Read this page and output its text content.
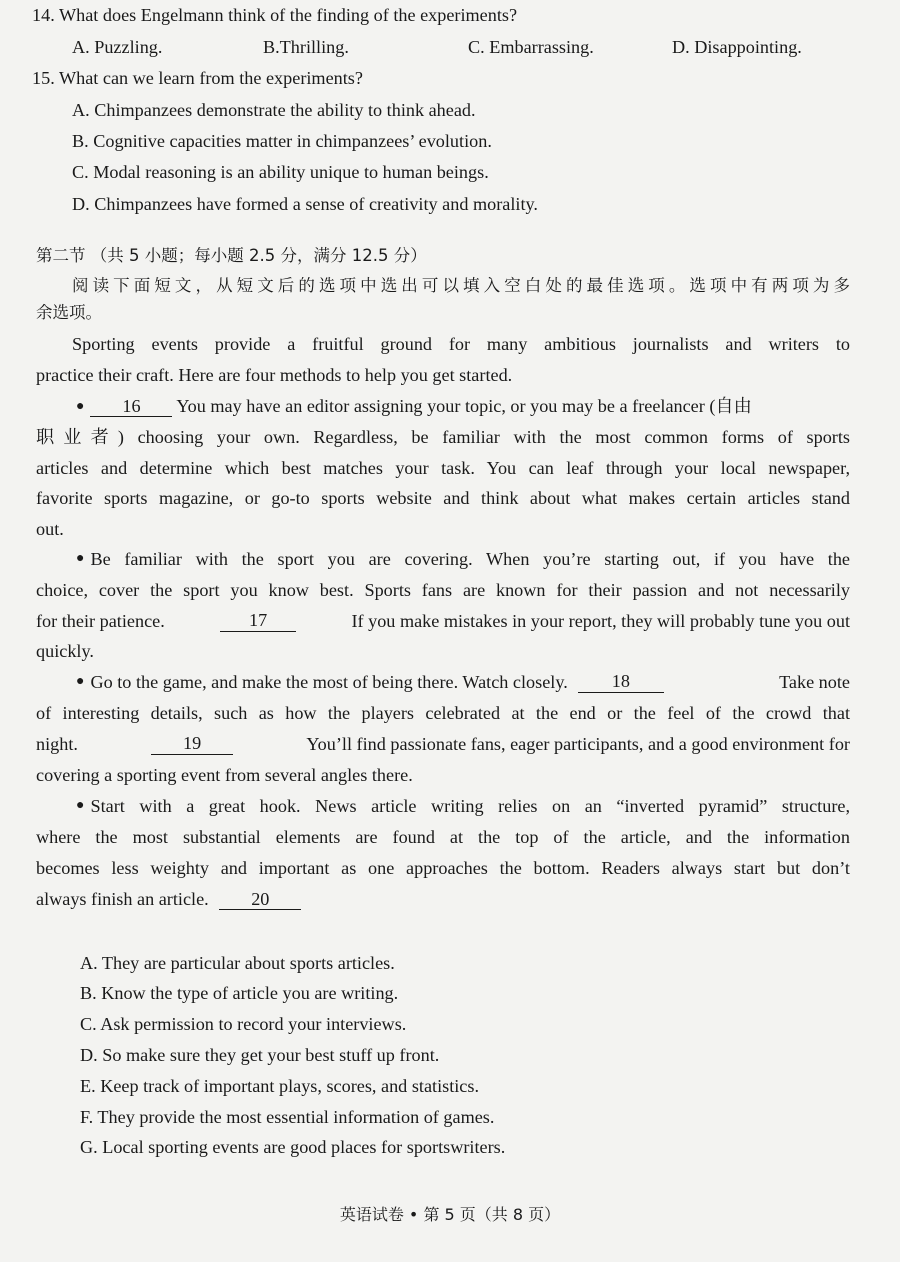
14. What does Engelmann think of the finding of the experiments?
A. Puzzling.	B.Thrilling.	C. Embarrassing.	D. Disappointing.
15. What can we learn from the experiments?
A. Chimpanzees demonstrate the ability to think ahead.
B. Cognitive capacities matter in chimpanzees’ evolution.
C. Modal reasoning is an ability unique to human beings.
D. Chimpanzees have formed a sense of creativity and morality.
第二节 （共 5 小题；每小题 2.5 分，满分 12.5 分）
阅读下面短文，从短文后的选项中选出可以填入空白处的最佳选项。选项中有两项为多
余选项。
Sporting events provide a fruitful ground for many ambitious journalists and writers to
practice their craft. Here are four methods to help you get started.
● 16 You may have an editor assigning your topic, or you may be a freelancer (自由
职业者) choosing your own. Regardless, be familiar with the most common forms of sports
articles and determine which best matches your task. You can leaf through your local newspaper,
favorite sports magazine, or go-to sports website and think about what makes certain articles stand
out.
● Be familiar with the sport you are covering. When you’re starting out, if you have the
choice, cover the sport you know best. Sports fans are known for their passion and not necessarily
for their patience.	17	If you make mistakes in your report, they will probably tune you out
quickly.
● Go to the game, and make the most of being there. Watch closely.	18	Take note
of interesting details, such as how the players celebrated at the end or the feel of the crowd that
night.	19	You’ll find passionate fans, eager participants, and a good environment for
covering a sporting event from several angles there.
● Start with a great hook. News article writing relies on an “inverted pyramid” structure,
where the most substantial elements are found at the top of the article, and the information
becomes less weighty and important as one approaches the bottom. Readers always start but don’t
always finish an article. 20
A. They are particular about sports articles.
B. Know the type of article you are writing.
C. Ask permission to record your interviews.
D. So make sure they get your best stuff up front.
E. Keep track of important plays, scores, and statistics.
F. They provide the most essential information of games.
G. Local sporting events are good places for sportswriters.
英语试卷 • 第 5 页（共 8 页）
